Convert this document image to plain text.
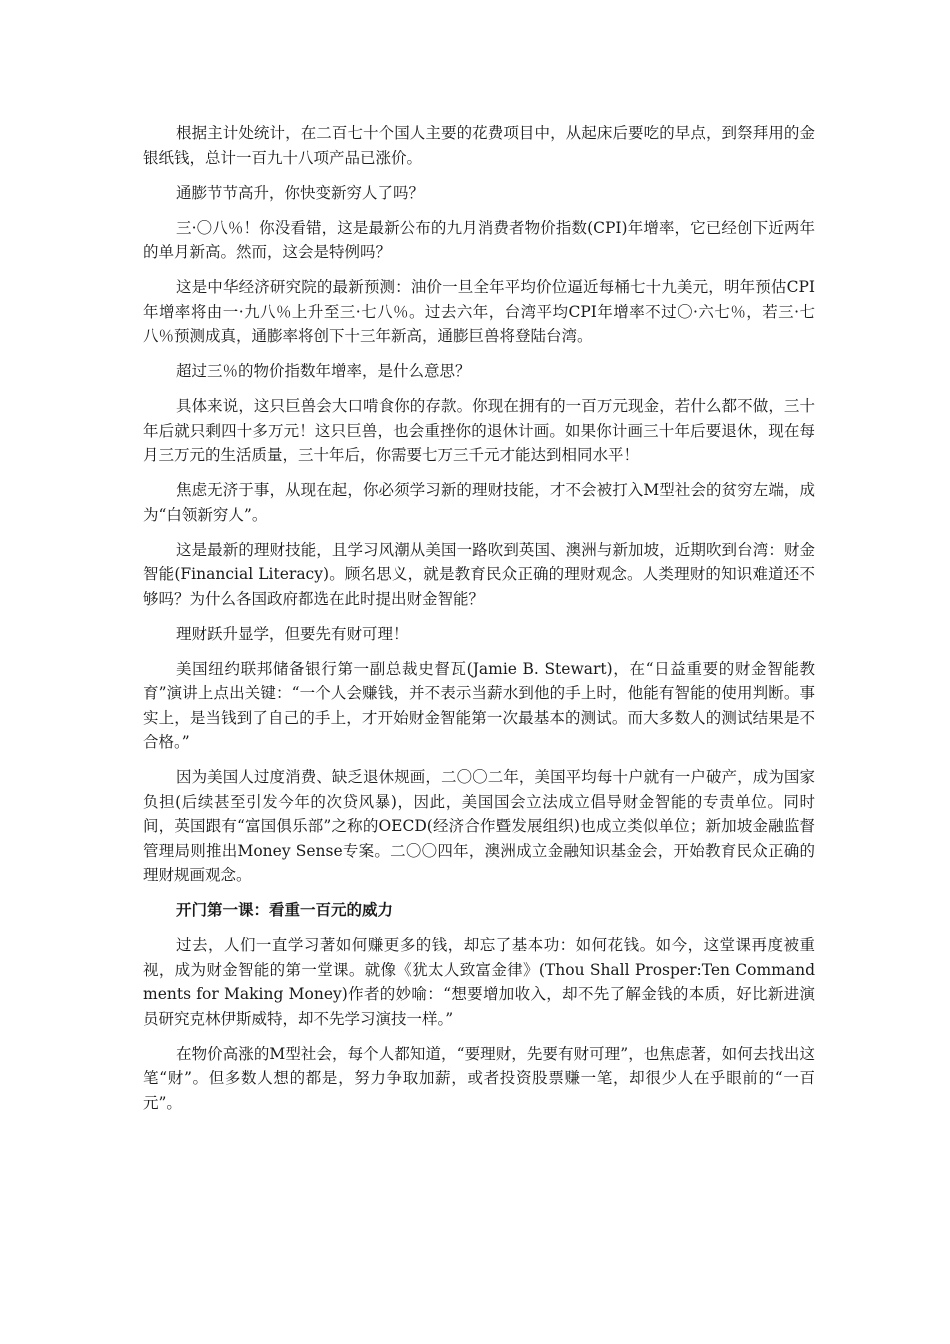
根据主计处统计，在二百七十个国人主要的花费项目中，从起床后要吃的早点，到祭拜用的金银纸钱，总计一百九十八项产品已涨价。

通膨节节高升，你快变新穷人了吗？

三·〇八％！你没看错，这是最新公布的九月消费者物价指数(CPI)年增率，它已经创下近两年的单月新高。然而，这会是特例吗？

这是中华经济研究院的最新预测：油价一旦全年平均价位逼近每桶七十九美元，明年预估CPI年增率将由一·九八％上升至三·七八％。过去六年，台湾平均CPI年增率不过〇·六七％，若三·七八％预测成真，通膨率将创下十三年新高，通膨巨兽将登陆台湾。

超过三％的物价指数年增率，是什么意思？

具体来说，这只巨兽会大口啃食你的存款。你现在拥有的一百万元现金，若什么都不做，三十年后就只剩四十多万元！这只巨兽，也会重挫你的退休计画。如果你计画三十年后要退休，现在每月三万元的生活质量，三十年后，你需要七万三千元才能达到相同水平！

焦虑无济于事，从现在起，你必须学习新的理财技能，才不会被打入M型社会的贫穷左端，成为“白领新穷人”。

这是最新的理财技能，且学习风潮从美国一路吹到英国、澳洲与新加坡，近期吹到台湾：财金智能(Financial Literacy)。顾名思义，就是教育民众正确的理财观念。人类理财的知识难道还不够吗？为什么各国政府都选在此时提出财金智能？

理财跃升显学，但要先有财可理！

美国纽约联邦储备银行第一副总裁史督瓦(Jamie B. Stewart)，在“日益重要的财金智能教育”演讲上点出关键：“一个人会赚钱，并不表示当薪水到他的手上时，他能有智能的使用判断。事实上，是当钱到了自己的手上，才开始财金智能第一次最基本的测试。而大多数人的测试结果是不合格。”

因为美国人过度消费、缺乏退休规画，二〇〇二年，美国平均每十户就有一户破产，成为国家负担(后续甚至引发今年的次贷风暴)，因此，美国国会立法成立倡导财金智能的专责单位。同时间，英国跟有“富国俱乐部”之称的OECD(经济合作暨发展组织)也成立类似单位；新加坡金融监督管理局则推出Money Sense专案。二〇〇四年，澳洲成立金融知识基金会，开始教育民众正确的理财规画观念。

开门第一课：看重一百元的威力

过去，人们一直学习著如何赚更多的钱，却忘了基本功：如何花钱。如今，这堂课再度被重视，成为财金智能的第一堂课。就像《犹太人致富金律》(Thou Shall Prosper:Ten Commandments for Making Money)作者的妙喻：“想要增加收入，却不先了解金钱的本质，好比新进演员研究克林伊斯威特，却不先学习演技一样。”

在物价高涨的M型社会，每个人都知道，“要理财，先要有财可理”，也焦虑著，如何去找出这笔“财”。但多数人想的都是，努力争取加薪，或者投资股票赚一笔，却很少人在乎眼前的“一百元”。
